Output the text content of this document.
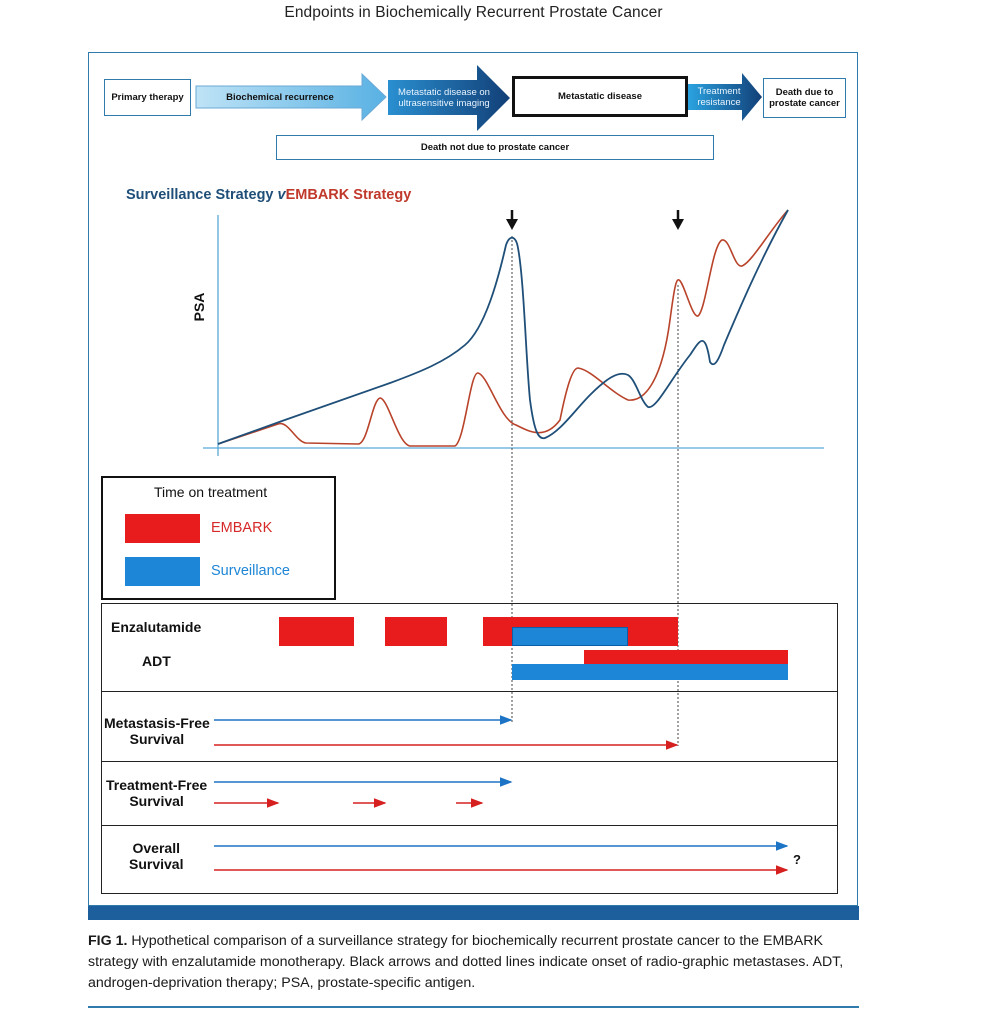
Endpoints in Biochemically Recurrent Prostate Cancer
Primary therapy	Biochemical recurrence	Metastatic disease on
ultrasensitive imaging
Metastatic disease	Treatment
resistance
Death due to
prostate cancer
Death not due to prostate cancer
Surveillance Strategy vEMBARK Strategy
PSA
Time on treatment
EMBARK
Surveillance
Enzalutamide
ADT
Metastasis-Free
Survival
Treatment-Free
Survival
Overall
Survival	?
FIG 1. Hypothetical comparison of a surveillance strategy for biochemically recurrent prostate cancer to the EMBARK strategy with enzalutamide monotherapy. Black arrows and dotted lines indicate onset of radio-graphic metastases. ADT, androgen-deprivation therapy; PSA, prostate-specific antigen.
